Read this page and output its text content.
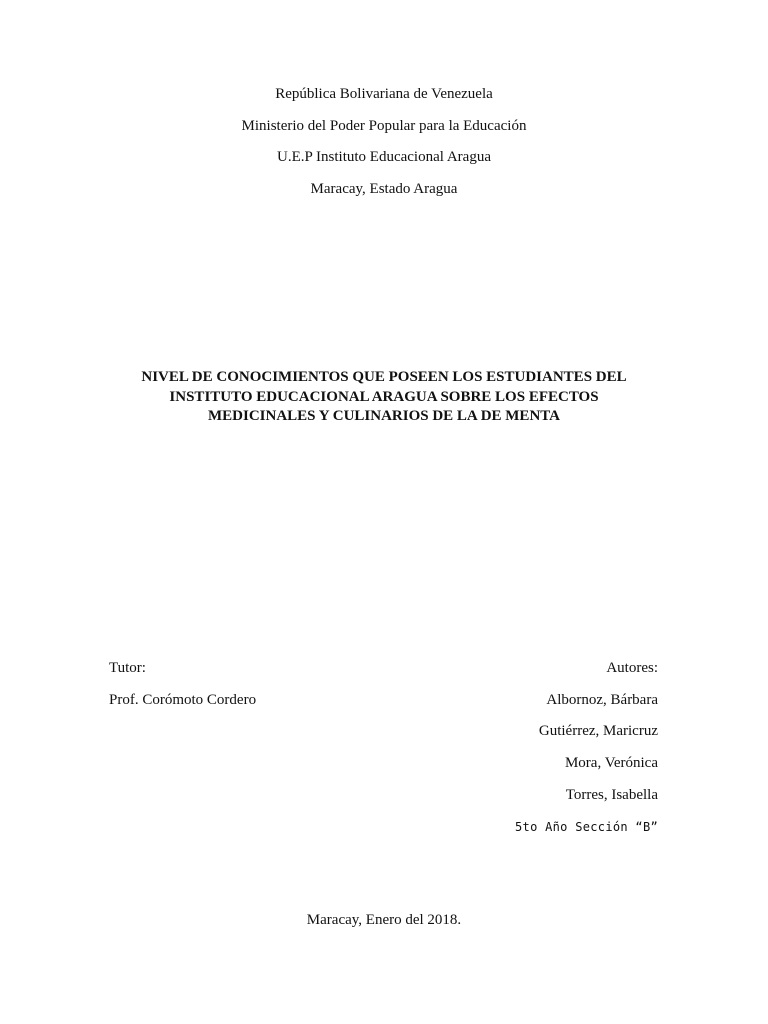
República Bolivariana de Venezuela
Ministerio del Poder Popular para la Educación
U.E.P Instituto Educacional Aragua
Maracay, Estado Aragua
NIVEL DE CONOCIMIENTOS QUE POSEEN LOS ESTUDIANTES DEL
INSTITUTO EDUCACIONAL ARAGUA SOBRE LOS EFECTOS
MEDICINALES Y CULINARIOS DE LA DE MENTA
Tutor:
Prof. Corómoto Cordero
Autores:
Albornoz, Bárbara
Gutiérrez, Maricruz
Mora, Verónica
Torres, Isabella
5to Año Sección “B”
Maracay, Enero del 2018.
